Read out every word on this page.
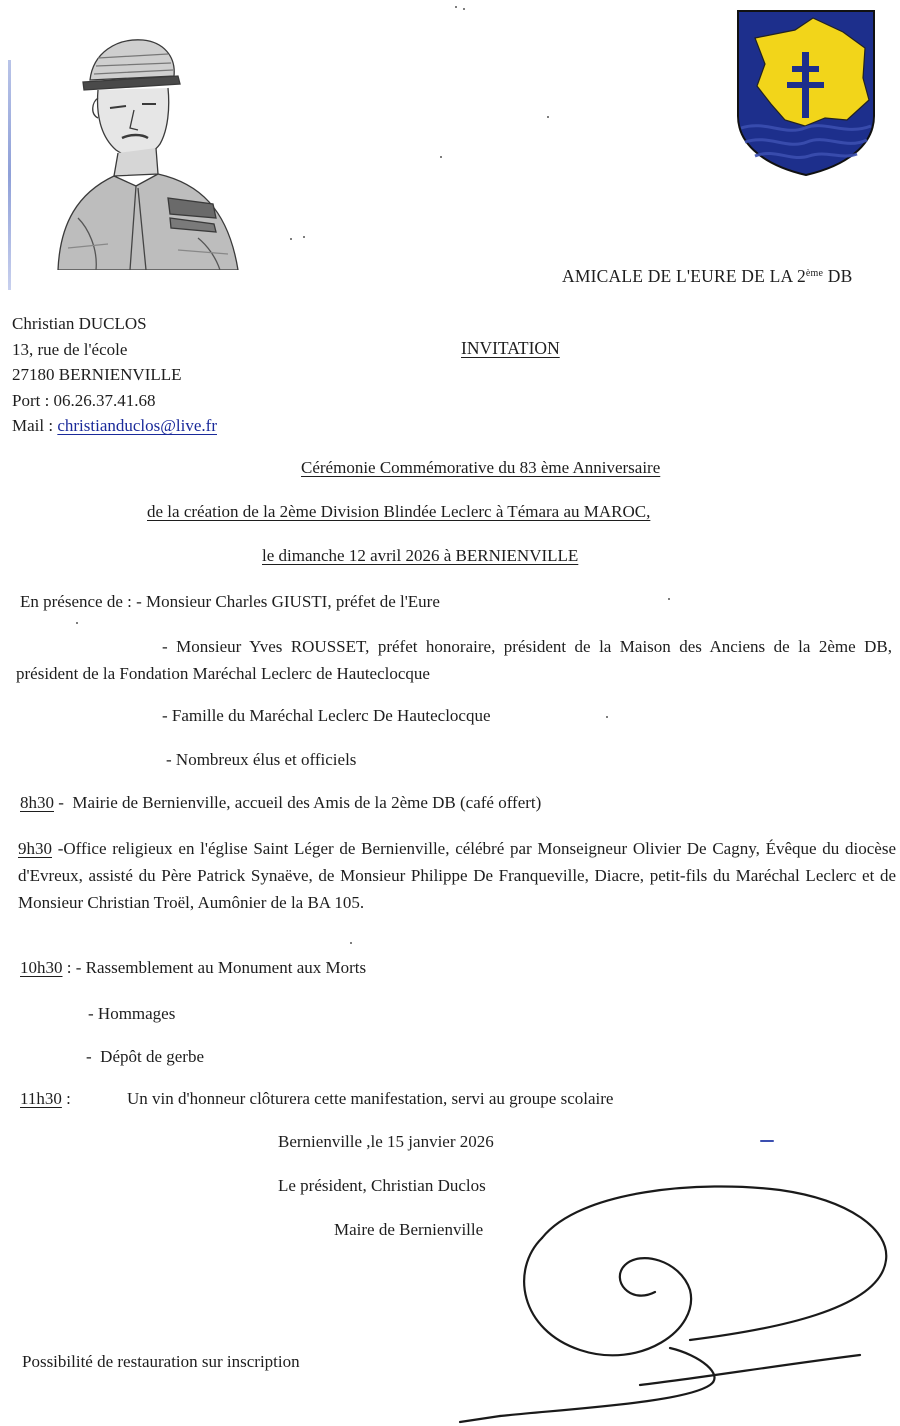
AMICALE DE L'EURE DE LA 2ème DB
Christian DUCLOS
13, rue de l'école
27180 BERNIENVILLE
Port : 06.26.37.41.68
Mail : christianduclos@live.fr
INVITATION
Cérémonie Commémorative du 83 ème Anniversaire
de la création de la 2ème Division Blindée Leclerc à Témara au MAROC,
le dimanche 12 avril 2026 à BERNIENVILLE
En présence de : - Monsieur Charles GIUSTI, préfet de l'Eure
- Monsieur Yves ROUSSET, préfet honoraire, président de la Maison des Anciens de la 2ème DB, président de la Fondation Maréchal Leclerc de Hauteclocque
- Famille du Maréchal Leclerc De Hauteclocque
- Nombreux élus et officiels
8h30 -  Mairie de Bernienville, accueil des Amis de la 2ème DB (café offert)
9h30 -Office religieux en l'église Saint Léger de Bernienville, célébré par Monseigneur Olivier De Cagny, Évêque du diocèse d'Evreux, assisté du Père Patrick Synaëve, de Monsieur Philippe De Franqueville, Diacre, petit-fils du Maréchal Leclerc et de Monsieur Christian Troël, Aumônier de la BA 105.
10h30 : - Rassemblement au Monument aux Morts
- Hommages
-  Dépôt de gerbe
11h30 :	Un vin d'honneur clôturera cette manifestation, servi au groupe scolaire
Bernienville ,le 15 janvier 2026
Le président, Christian Duclos
Maire de Bernienville
Possibilité de restauration sur inscription
